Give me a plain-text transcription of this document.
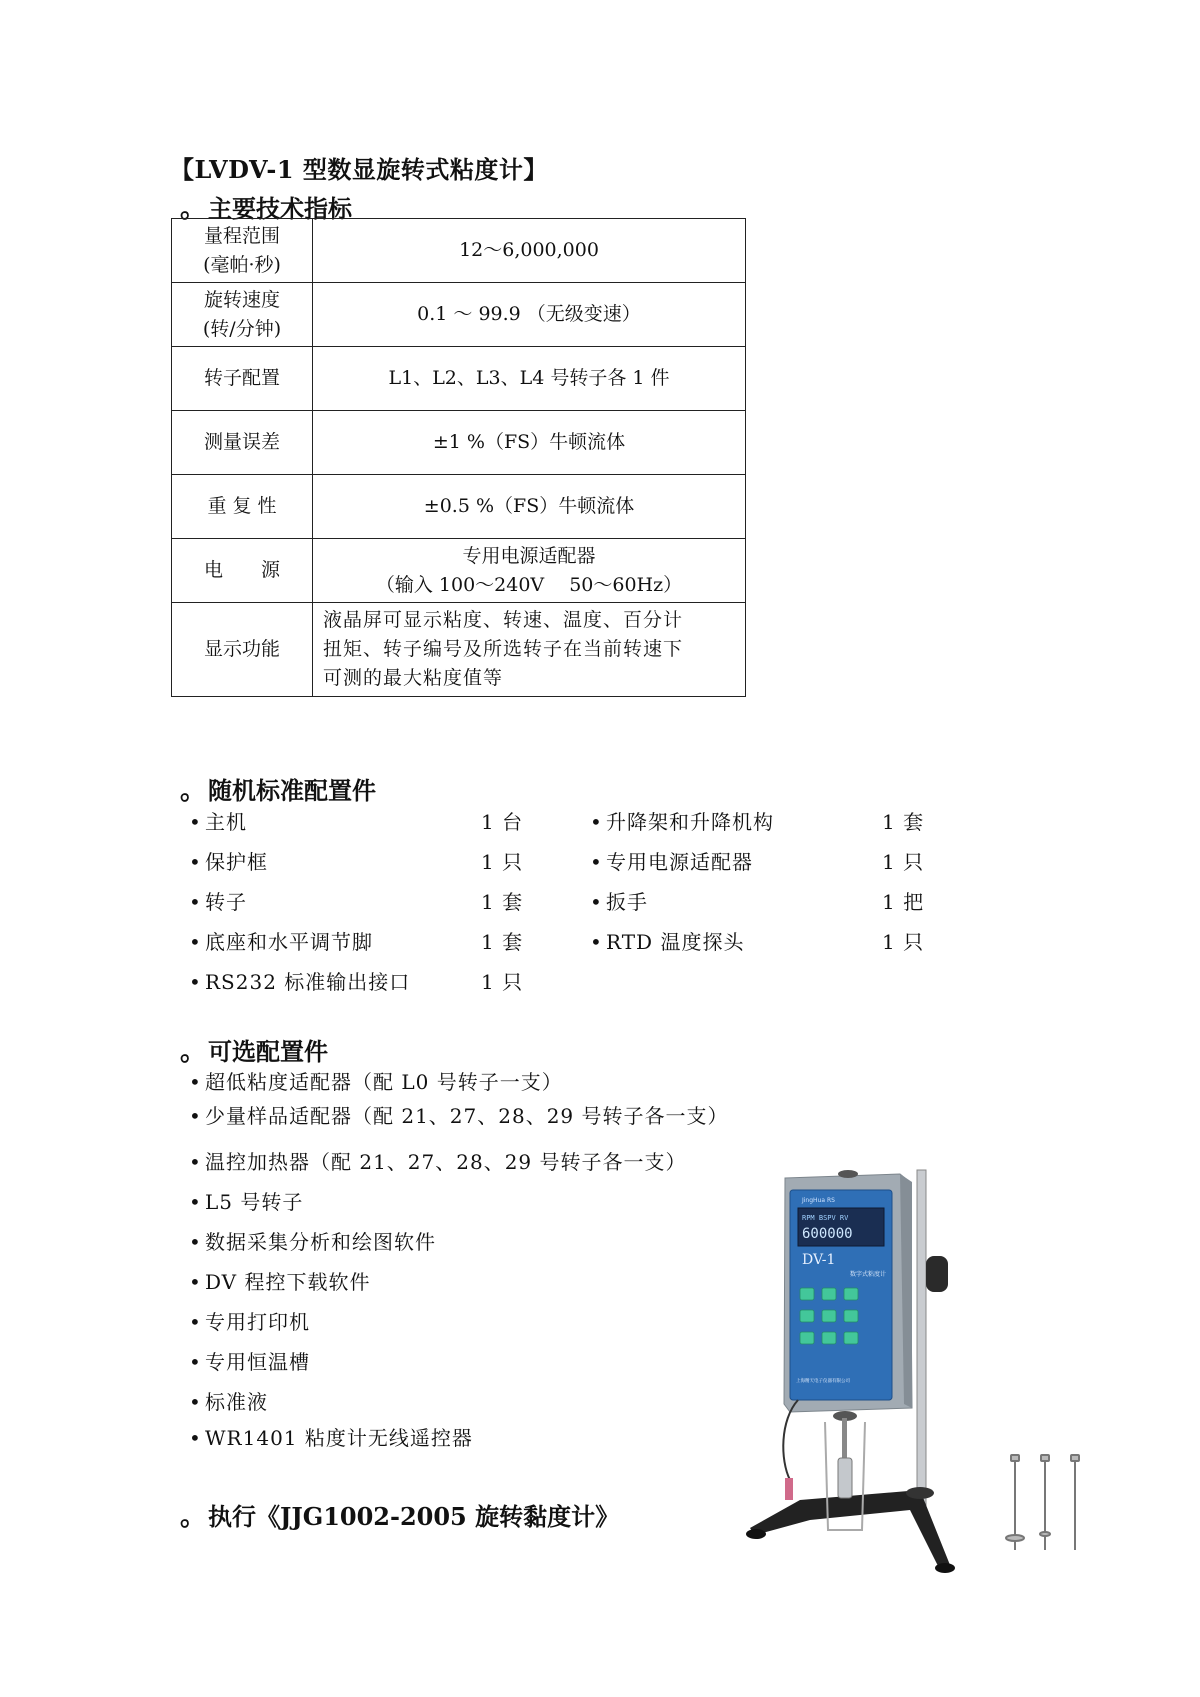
【LVDV-1 型数显旋转式粘度计】
。主要技术指标
量程范围
(毫帕·秒)	12～6,000,000

旋转速度
(转/分钟)	0.1 ～ 99.9 （无级变速）

转子配置	L1、L2、L3、L4 号转子各 1 件

测量误差	±1 %（FS）牛顿流体

重 复 性	±0.5 %（FS）牛顿流体

电　　源	专用电源适配器
（输入 100～240V　 50～60Hz）

显示功能	液晶屏可显示粘度、转速、温度、百分计
扭矩、转子编号及所选转子在当前转速下
可测的最大粘度值等
。随机标准配置件
• 主机	1 台
• 保护框	1 只
• 转子	1 套
• 底座和水平调节脚	1 套
• RS232 标准输出接口	1 只
• 升降架和升降机构	1 套
• 专用电源适配器	1 只
• 扳手	1 把
• RTD 温度探头	1 只
。可选配置件
• 超低粘度适配器（配 L0 号转子一支）
• 少量样品适配器（配 21、27、28、29 号转子各一支）
• 温控加热器（配 21、27、28、29 号转子各一支）
• L5 号转子
• 数据采集分析和绘图软件
• DV 程控下载软件
• 专用打印机
• 专用恒温槽
• 标准液
• WR1401 粘度计无线遥控器
。执行《JJG1002-2005 旋转黏度计》
JingHua RS
RPM BSPV RV
600000
DV-1
数字式粘度计
上海精天电子仪器有限公司
